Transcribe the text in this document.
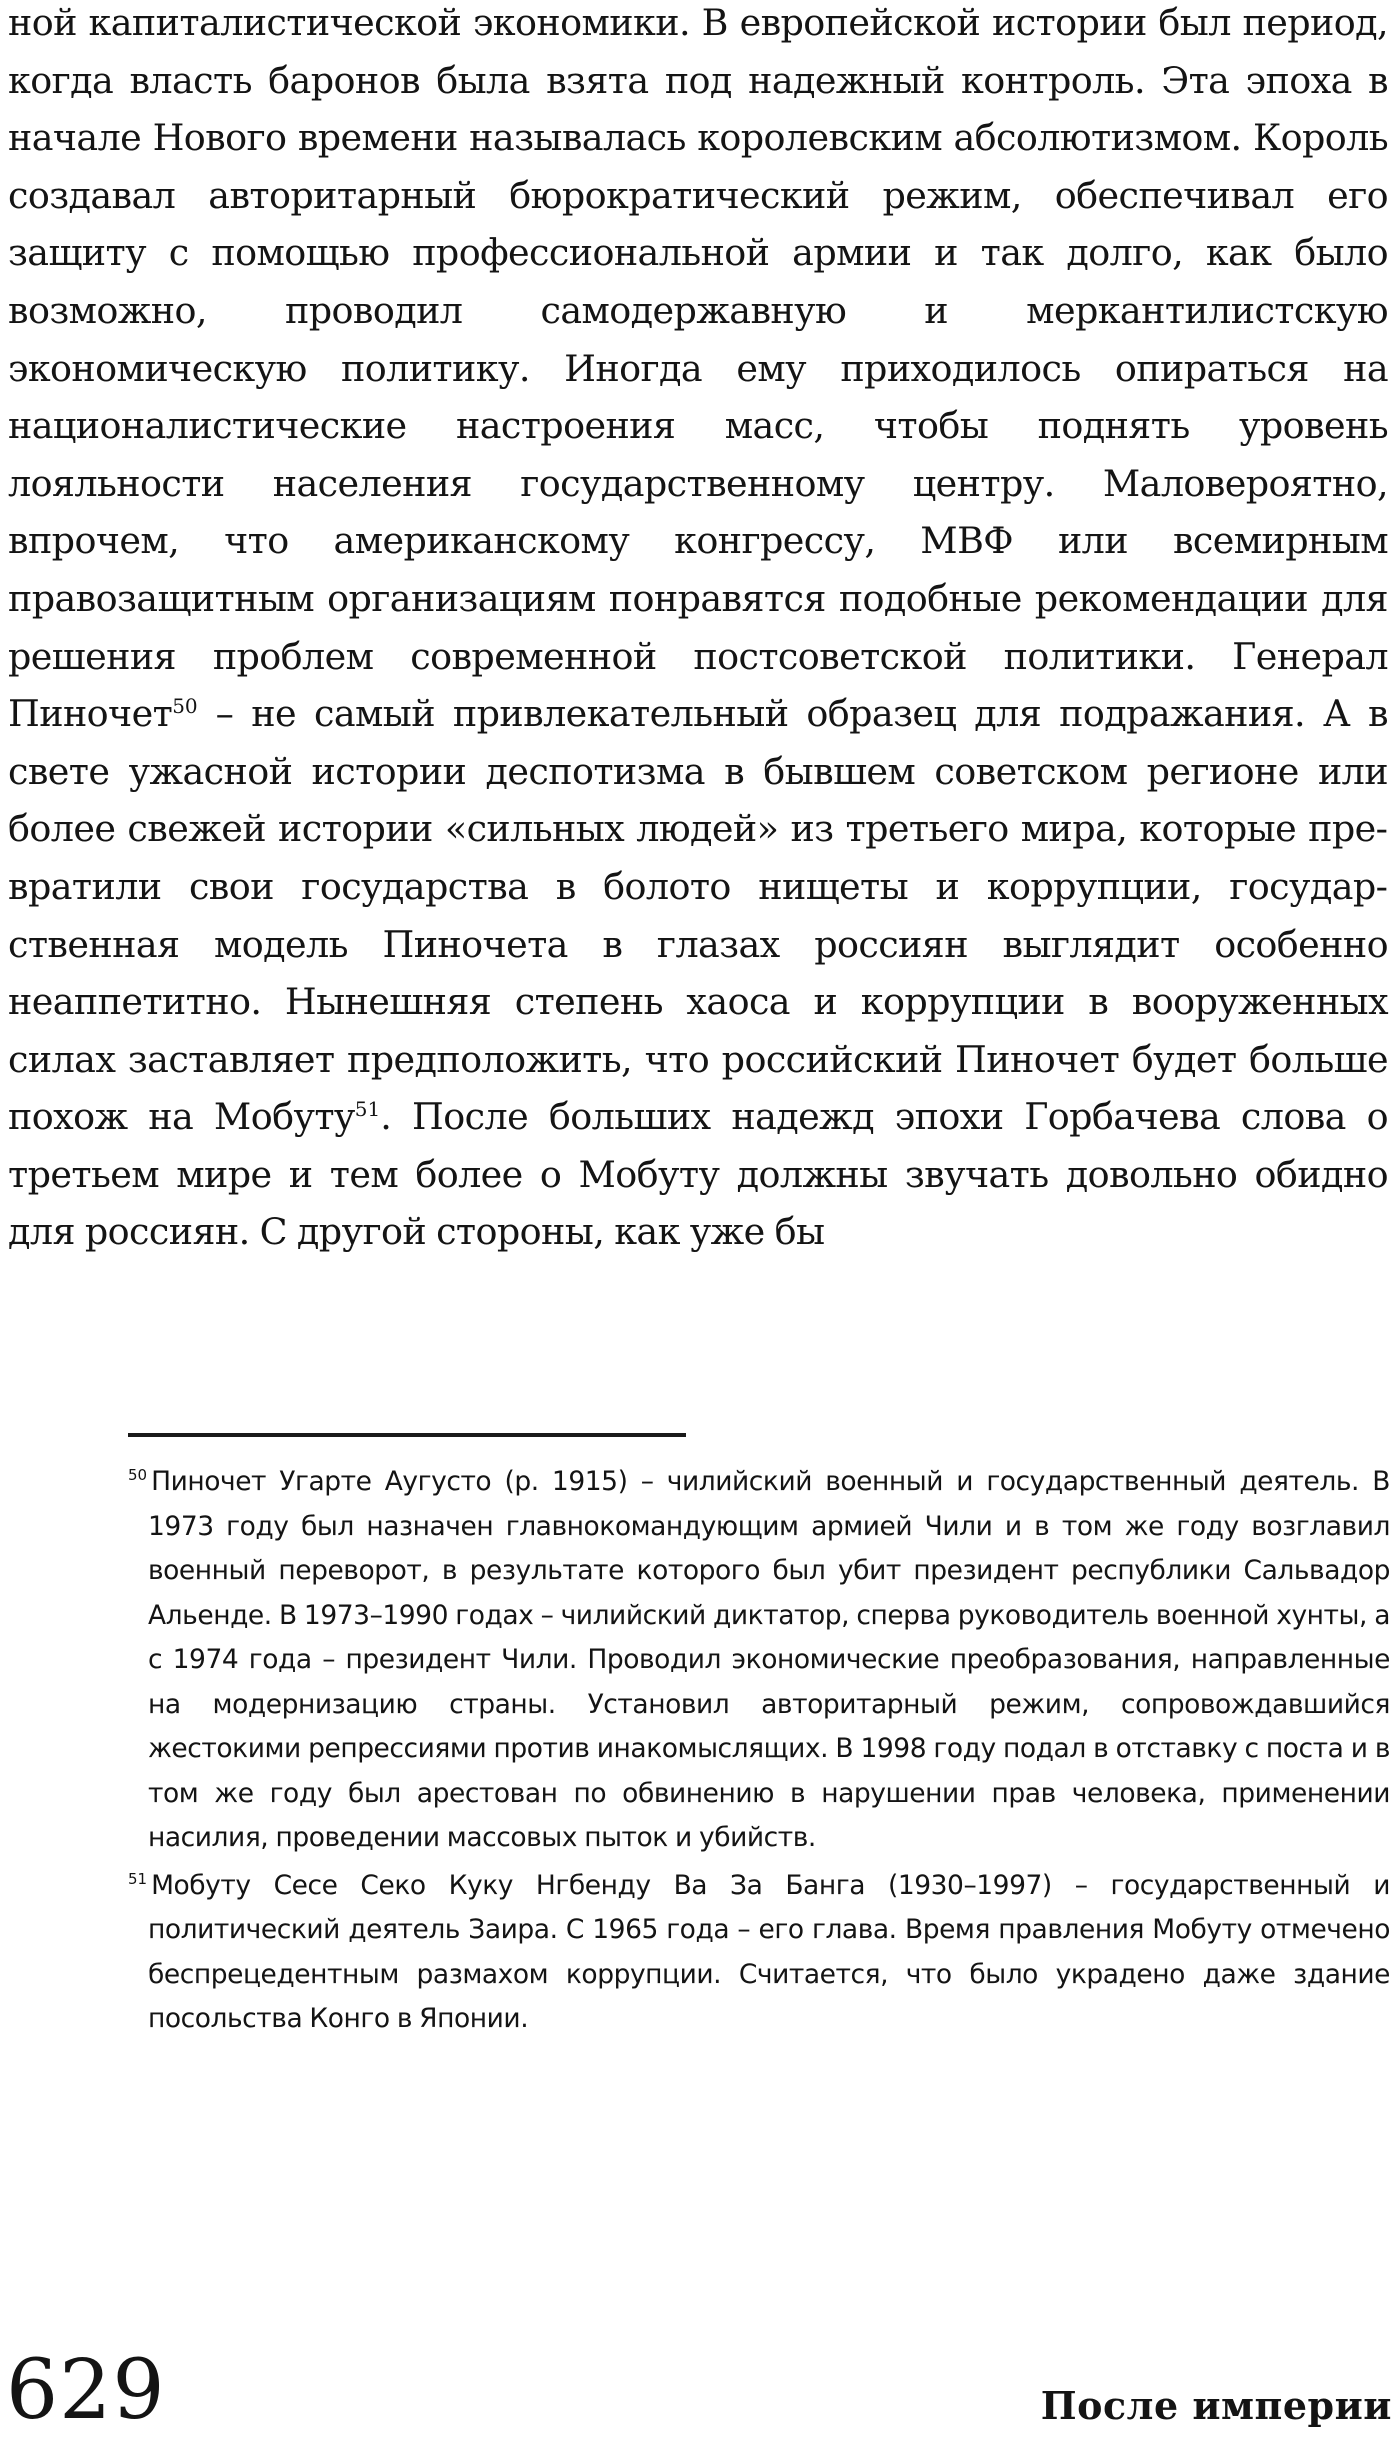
ной капиталистической экономики. В европейской истории был период, когда власть баронов была взята под надежный контроль. Эта эпоха в начале Нового времени называлась королевским абсолютизмом. Король создавал авторитарный бюрократический режим, обеспечивал его защиту с помощью профессиональной армии и так долго, как было возможно, проводил самодержавную и меркантилистскую экономическую политику. Иногда ему приходилось опираться на националистические настроения масс, чтобы поднять уровень лояльности населения государственному центру. Маловероятно, впрочем, что американскому конгрессу, МВФ или всемирным правозащитным организациям понравятся подобные рекомендации для решения проблем современной постсоветской политики. Генерал Пиночет$^{50}$ – не самый привлекательный образец для подражания. А в свете ужасной истории деспотизма в бывшем советском регионе или более свежей истории «сильных людей» из третьего мира, которые превратили свои государства в болото нищеты и коррупции, государственная модель Пиночета в глазах россиян выглядит особенно неаппетитно. Нынешняя степень хаоса и коррупции в вооруженных силах заставляет предположить, что российский Пиночет будет больше похож на Мобуту$^{51}$. После больших надежд эпохи Горбачева слова о третьем мире и тем более о Мобуту должны звучать довольно обидно для россиян. С другой стороны, как уже бы

$^{50}$ Пиночет Угарте Аугусто (р. 1915) – чилийский военный и государственный деятель. В 1973 году был назначен главнокомандующим армией Чили и в том же году возглавил военный переворот, в результате которого был убит президент республики Сальвадор Альенде. В 1973–1990 годах – чилийский диктатор, сперва руководитель военной хунты, а с 1974 года – президент Чили. Проводил экономические преобразования, направленные на модернизацию страны. Установил авторитарный режим, сопровождавшийся жестокими репрессиями против инакомыслящих. В 1998 году подал в отставку с поста и в том же году был арестован по обвинению в нарушении прав человека, применении насилия, проведении массовых пыток и убийств.

$^{51}$ Мобуту Сесе Секо Куку Нгбенду Ва За Банга (1930–1997) – государственный и политический деятель Заира. С 1965 года – его глава. Время правления Мобуту отмечено беспрецедентным размахом коррупции. Считается, что было украдено даже здание посольства Конго в Японии.

629	После империи
